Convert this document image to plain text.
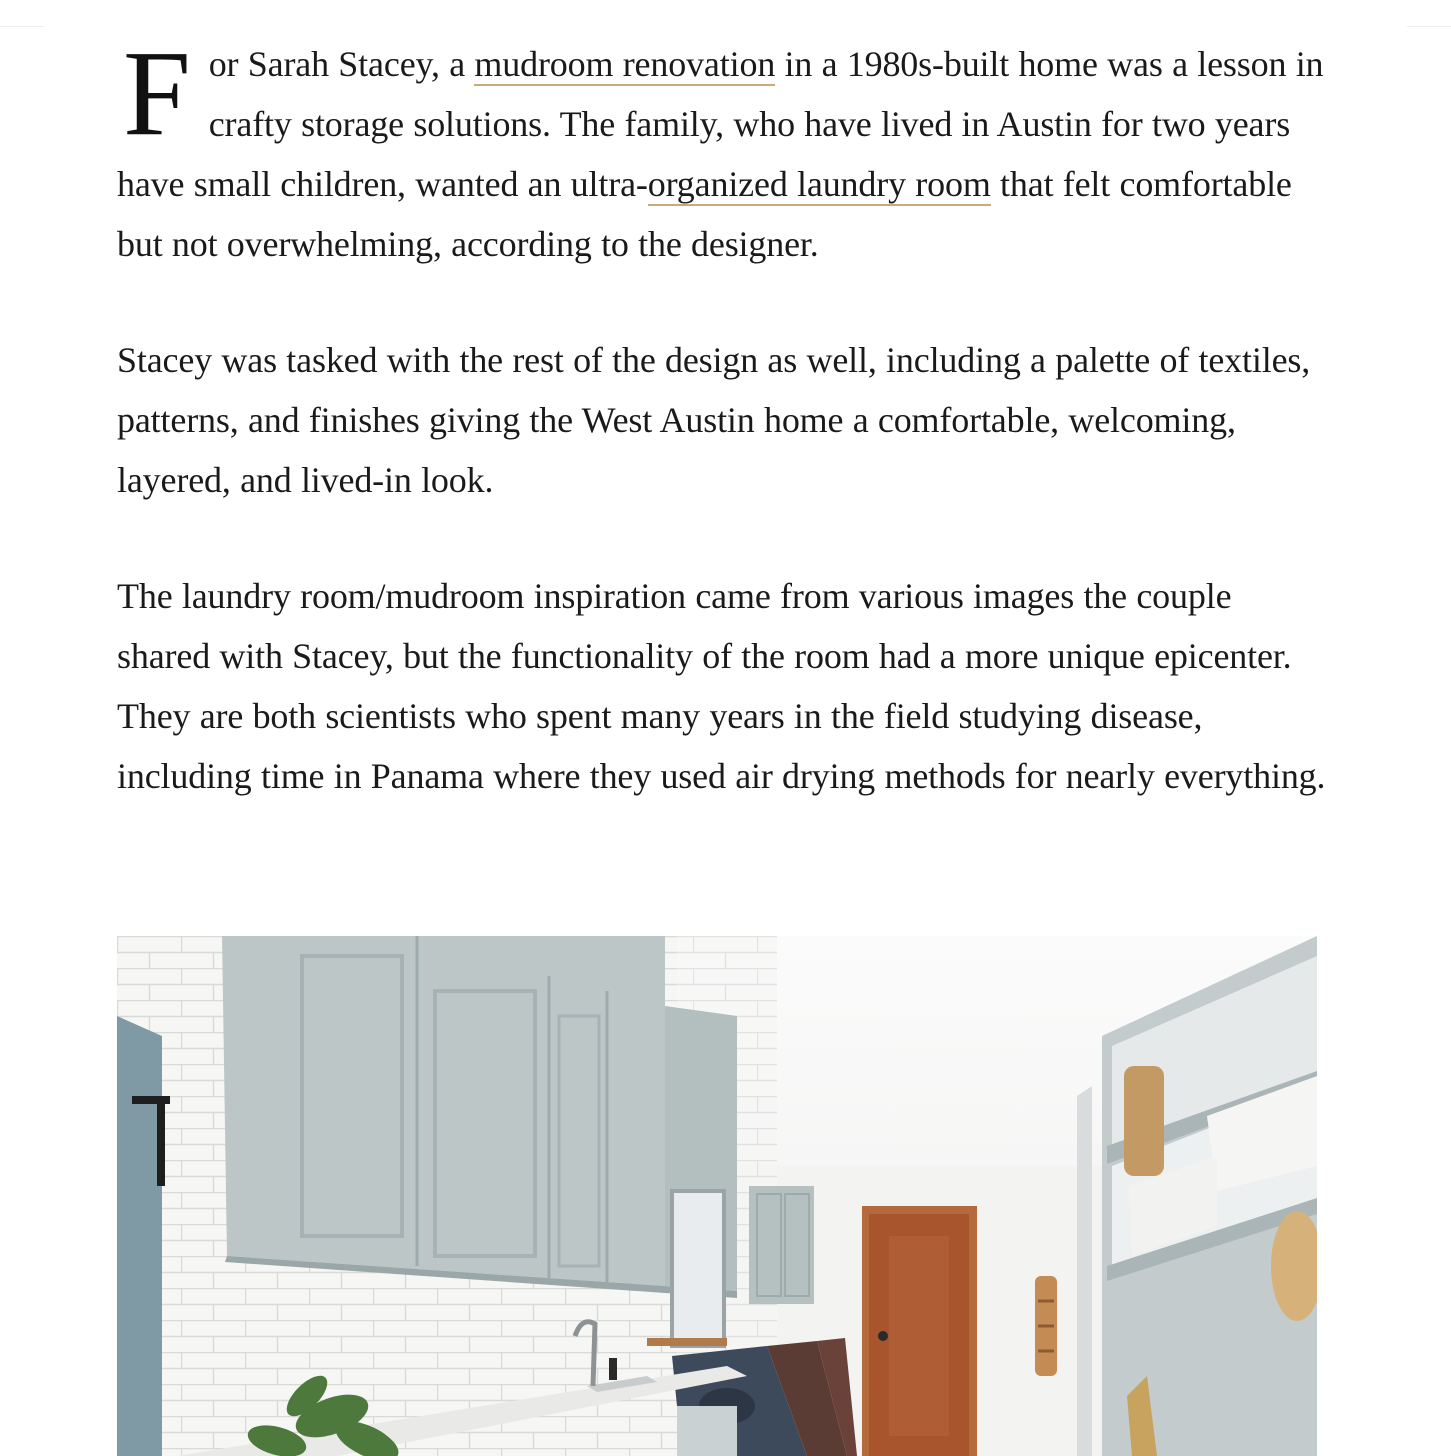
For Sarah Stacey, a mudroom renovation in a 1980s-built home was a lesson in crafty storage solutions. The family, who have lived in Austin for two years have small children, wanted an ultra-organized laundry room that felt comfortable but not overwhelming, according to the designer.

Stacey was tasked with the rest of the design as well, including a palette of textiles, patterns, and finishes giving the West Austin home a comfortable, welcoming, layered, and lived-in look.

The laundry room/mudroom inspiration came from various images the couple shared with Stacey, but the functionality of the room had a more unique epicenter. They are both scientists who spent many years in the field studying disease, including time in Panama where they used air drying methods for nearly everything.
